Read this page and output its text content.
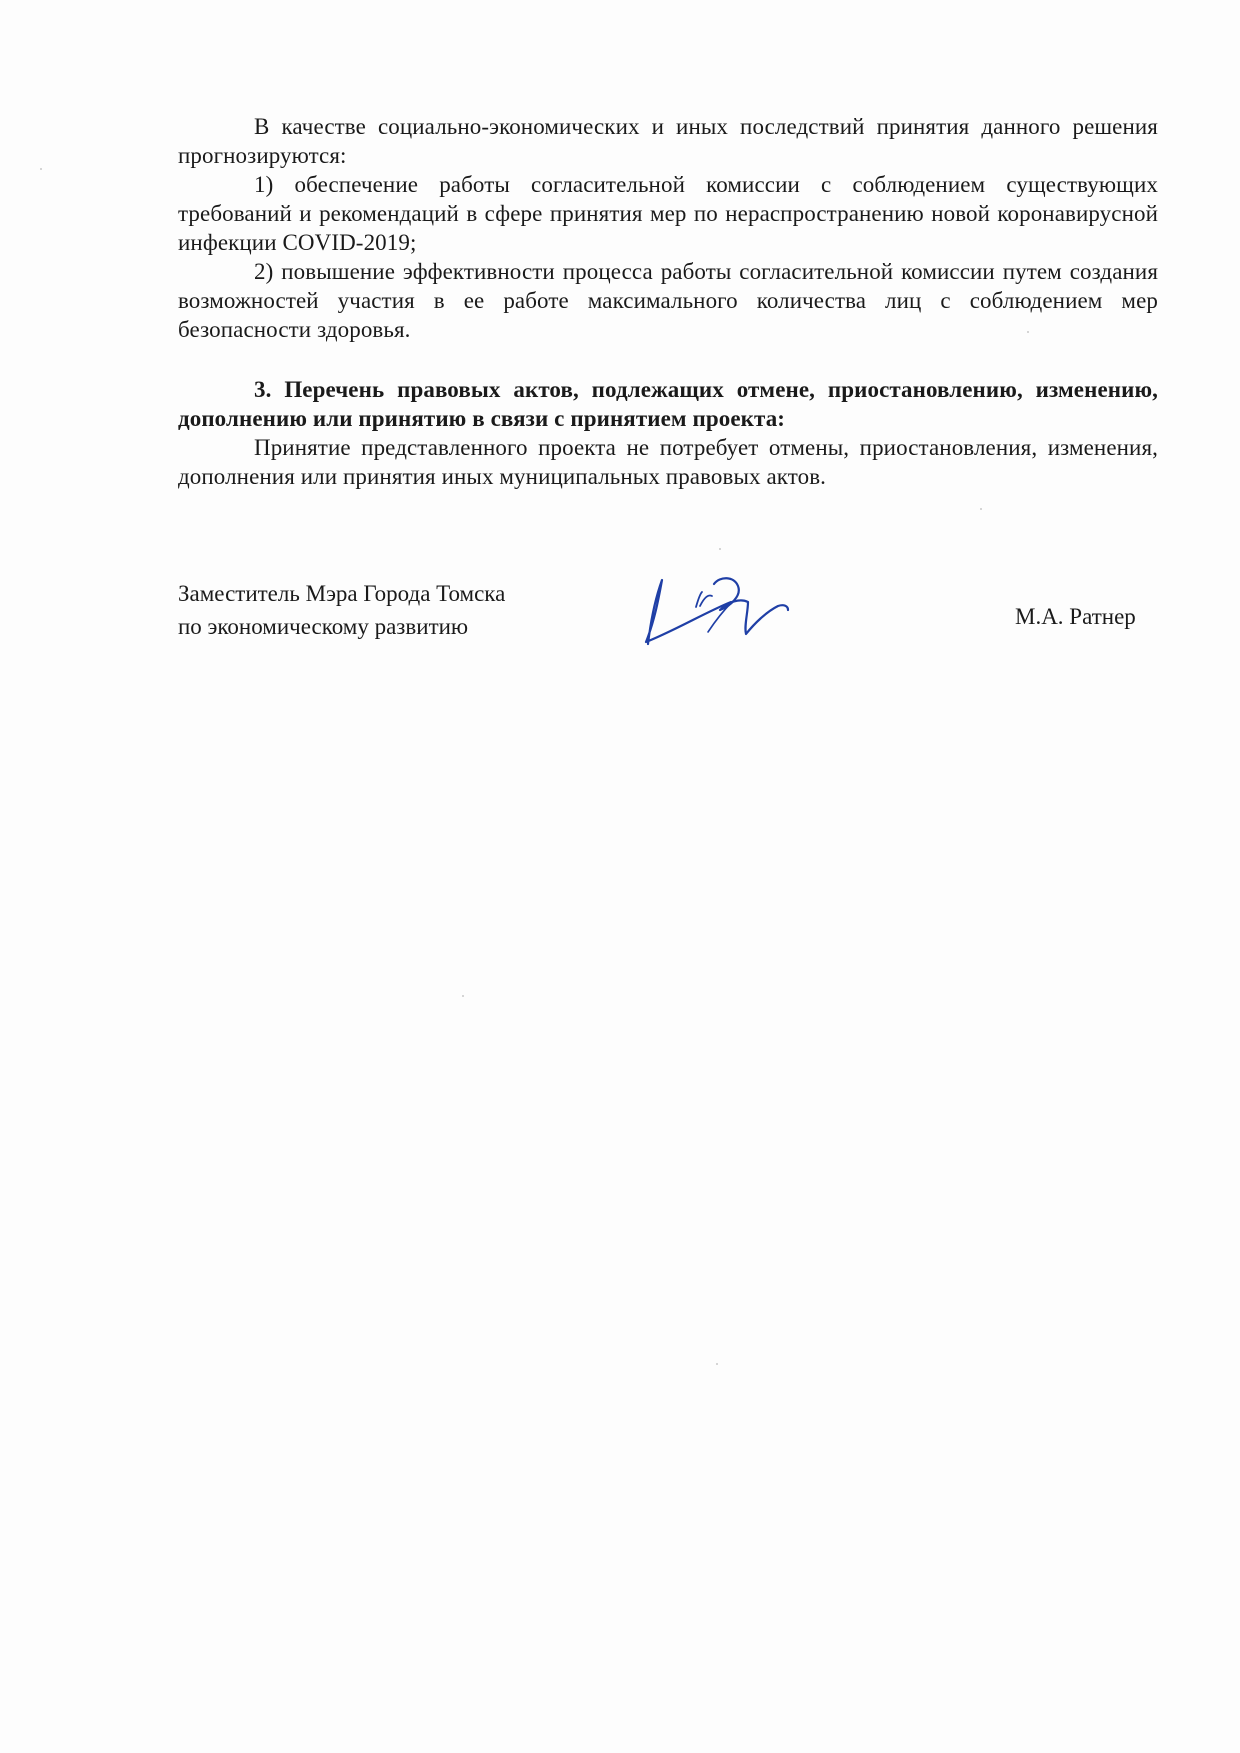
В качестве социально-экономических и иных последствий принятия данного решения прогнозируются:

1) обеспечение работы согласительной комиссии с соблюдением существующих требований и рекомендаций в сфере принятия мер по нераспространению новой коронавирусной инфекции COVID-2019;

2) повышение эффективности процесса работы согласительной комиссии путем создания возможностей участия в ее работе максимального количества лиц с соблюдением мер безопасности здоровья.

3. Перечень правовых актов, подлежащих отмене, приостановлению, изменению, дополнению или принятию в связи с принятием проекта:

Принятие представленного проекта не потребует отмены, приостановления, изменения, дополнения или принятия иных муниципальных правовых актов.

Заместитель Мэра Города Томска
по экономическому развитию	М.А. Ратнер
